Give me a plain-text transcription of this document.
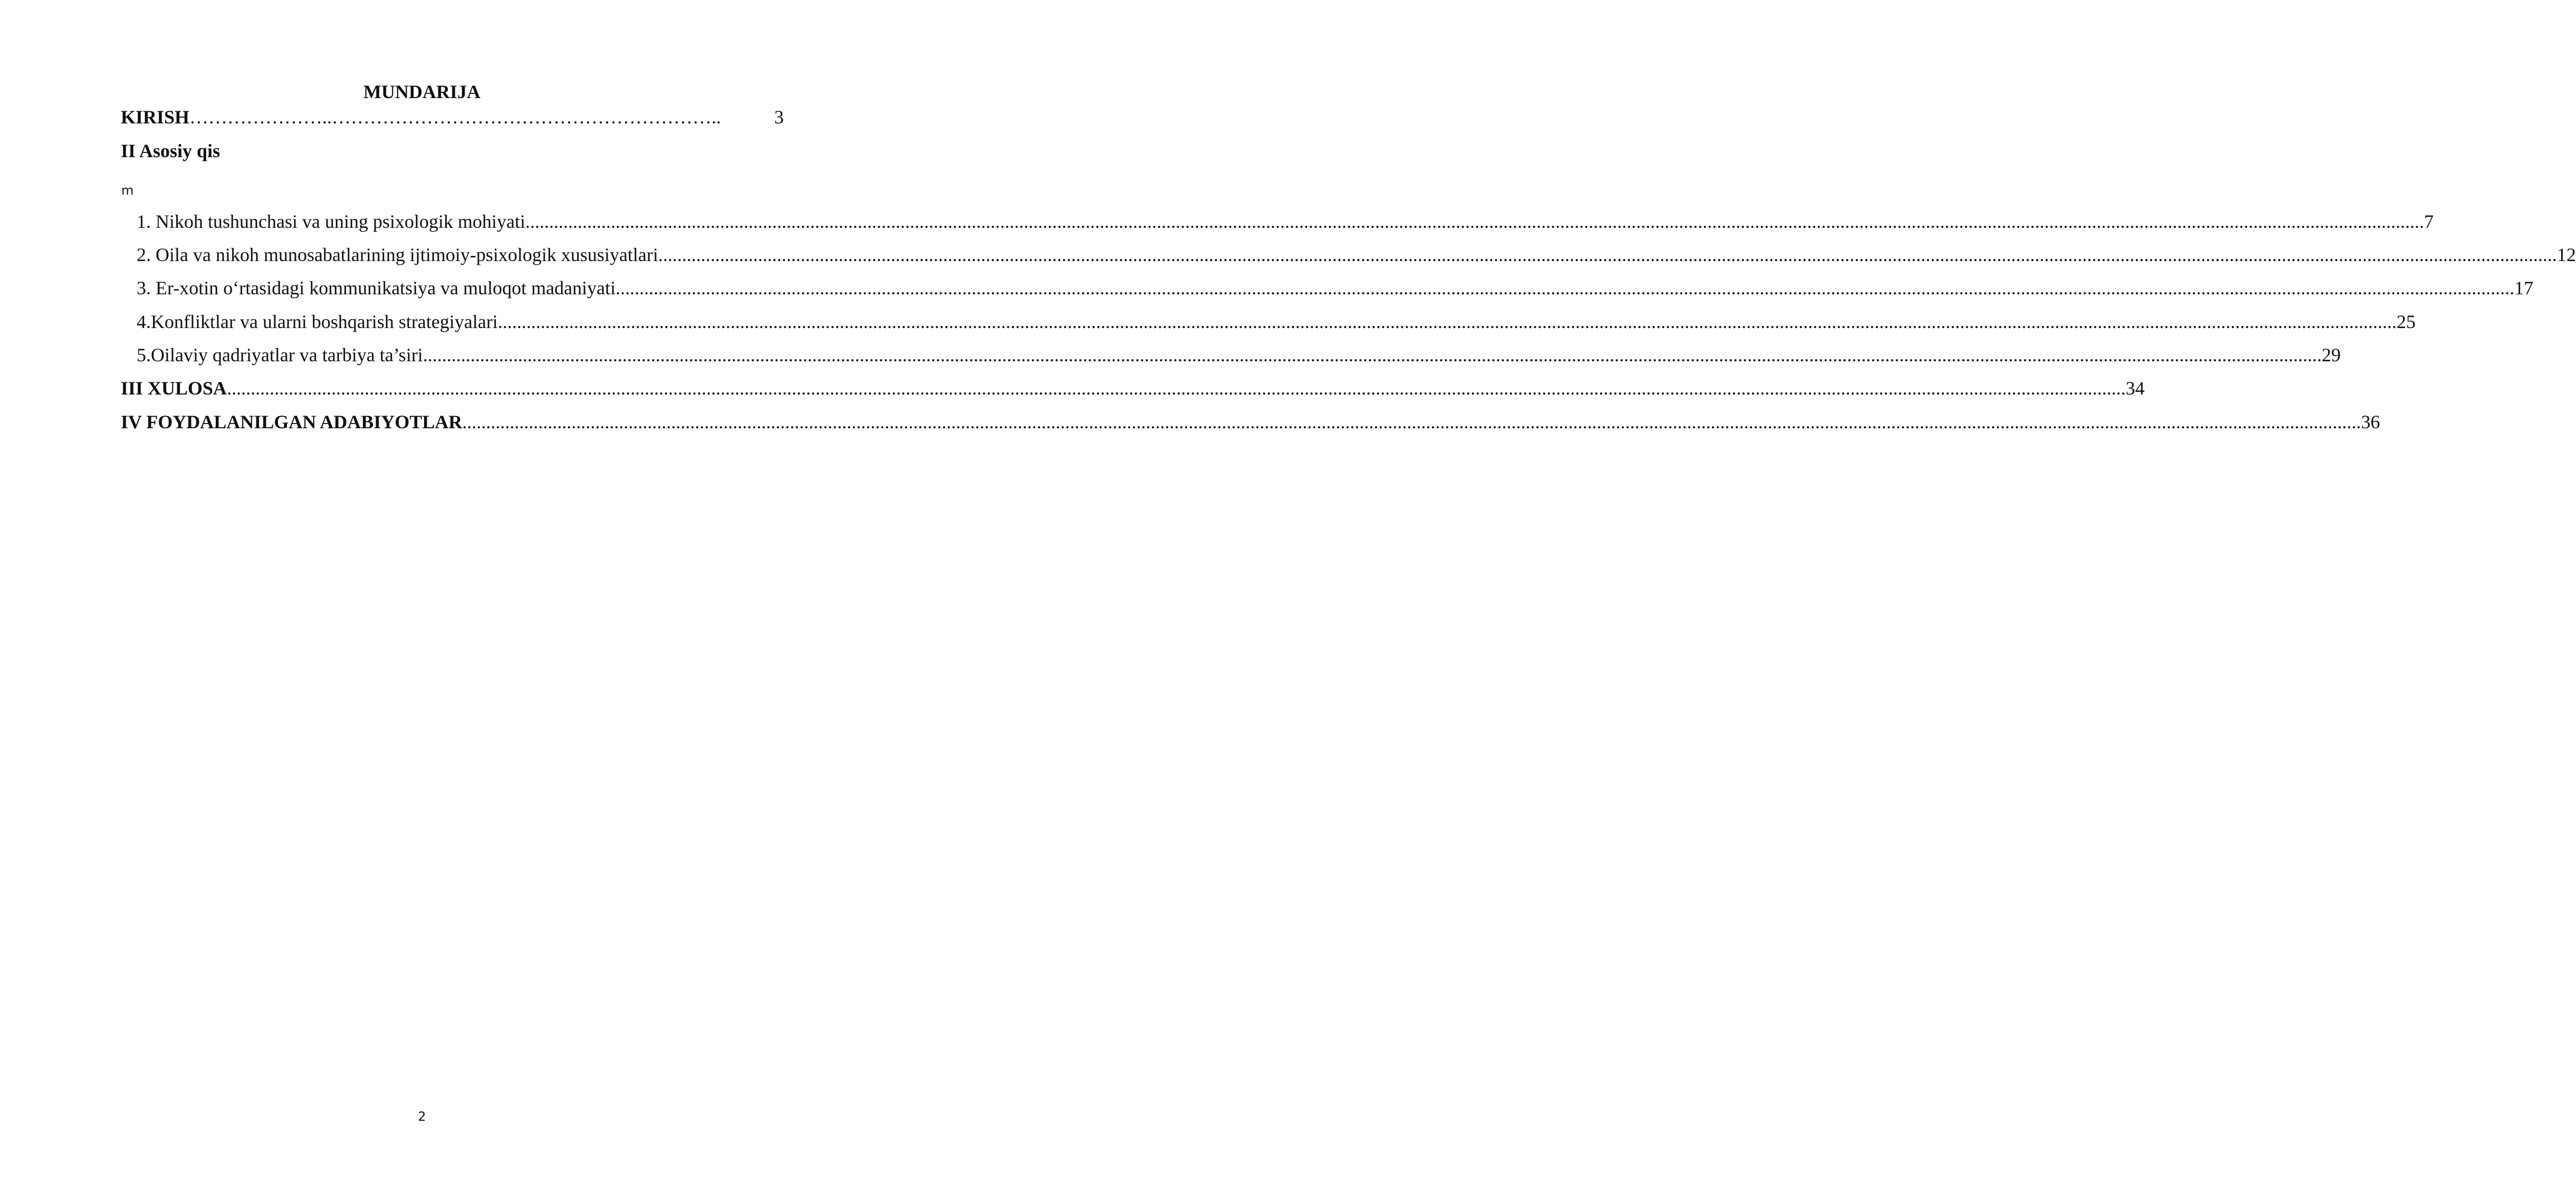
MUNDARIJA
KIRISH …………………..……………………………………………………..	3
II Asosiy qis
m
1. Nikoh tushunchasi va uning psixologik mohiyati ................................................................................................................................................................................................................................................................................................................................................................................................................ 7
2. Oila va nikoh munosabatlarining ijtimoiy-psixologik xususiyatlari ................................................................................................................................................................................................................................................................................................................................................................................................................ 12
3. Er-xotin oʻrtasidagi kommunikatsiya va muloqot madaniyati ................................................................................................................................................................................................................................................................................................................................................................................................................ 17
4.Konfliktlar va ularni boshqarish strategiyalari ................................................................................................................................................................................................................................................................................................................................................................................................................ 25
5.Oilaviy qadriyatlar va tarbiya ta’siri ................................................................................................................................................................................................................................................................................................................................................................................................................ 29
III XULOSA ................................................................................................................................................................................................................................................................................................................................................................................................................ 34
IV FOYDALANILGAN ADABIYOTLAR ................................................................................................................................................................................................................................................................................................................................................................................................................ 36
2
